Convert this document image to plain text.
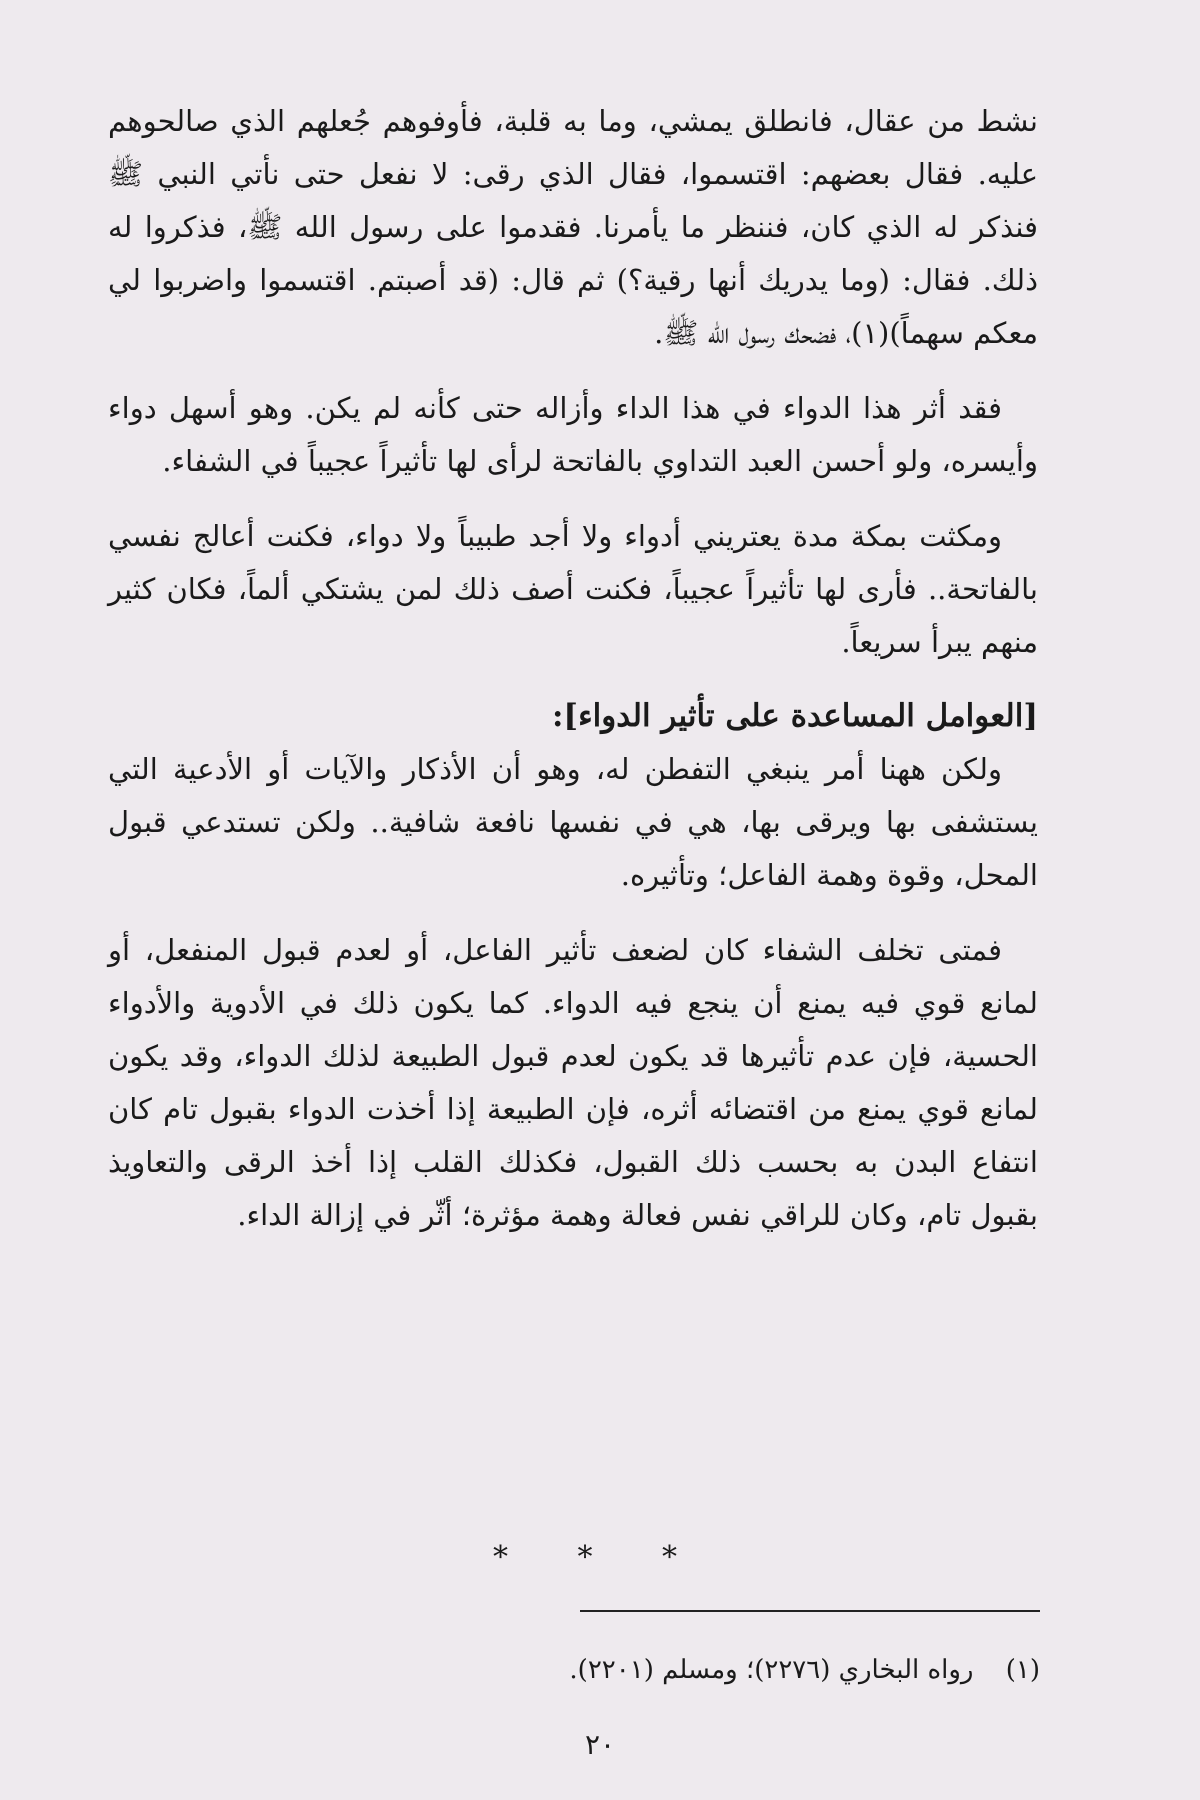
نشط من عقال، فانطلق يمشي، وما به قلبة، فأوفوهم جُعلهم الذي صالحوهم عليه. فقال بعضهم: اقتسموا، فقال الذي رقى: لا نفعل حتى نأتي النبي ﷺ فنذكر له الذي كان، فننظر ما يأمرنا. فقدموا على رسول الله ﷺ، فذكروا له ذلك. فقال: (وما يدريك أنها رقية؟) ثم قال: (قد أصبتم. اقتسموا واضربوا لي معكم سهماً)(١)، فضحك رسول الله ﷺ.

فقد أثر هذا الدواء في هذا الداء وأزاله حتى كأنه لم يكن. وهو أسهل دواء وأيسره، ولو أحسن العبد التداوي بالفاتحة لرأى لها تأثيراً عجيباً في الشفاء.

ومكثت بمكة مدة يعتريني أدواء ولا أجد طبيباً ولا دواء، فكنت أعالج نفسي بالفاتحة.. فأرى لها تأثيراً عجيباً، فكنت أصف ذلك لمن يشتكي ألماً، فكان كثير منهم يبرأ سريعاً.

[العوامل المساعدة على تأثير الدواء]:

ولكن ههنا أمر ينبغي التفطن له، وهو أن الأذكار والآيات أو الأدعية التي يستشفى بها ويرقى بها، هي في نفسها نافعة شافية.. ولكن تستدعي قبول المحل، وقوة وهمة الفاعل؛ وتأثيره.

فمتى تخلف الشفاء كان لضعف تأثير الفاعل، أو لعدم قبول المنفعل، أو لمانع قوي فيه يمنع أن ينجع فيه الدواء. كما يكون ذلك في الأدوية والأدواء الحسية، فإن عدم تأثيرها قد يكون لعدم قبول الطبيعة لذلك الدواء، وقد يكون لمانع قوي يمنع من اقتضائه أثره، فإن الطبيعة إذا أخذت الدواء بقبول تام كان انتفاع البدن به بحسب ذلك القبول، فكذلك القلب إذا أخذ الرقى والتعاويذ بقبول تام، وكان للراقي نفس فعالة وهمة مؤثرة؛ أثّر في إزالة الداء.

* * *
(١) رواه البخاري (٢٢٧٦)؛ ومسلم (٢٢٠١).
٢٠
